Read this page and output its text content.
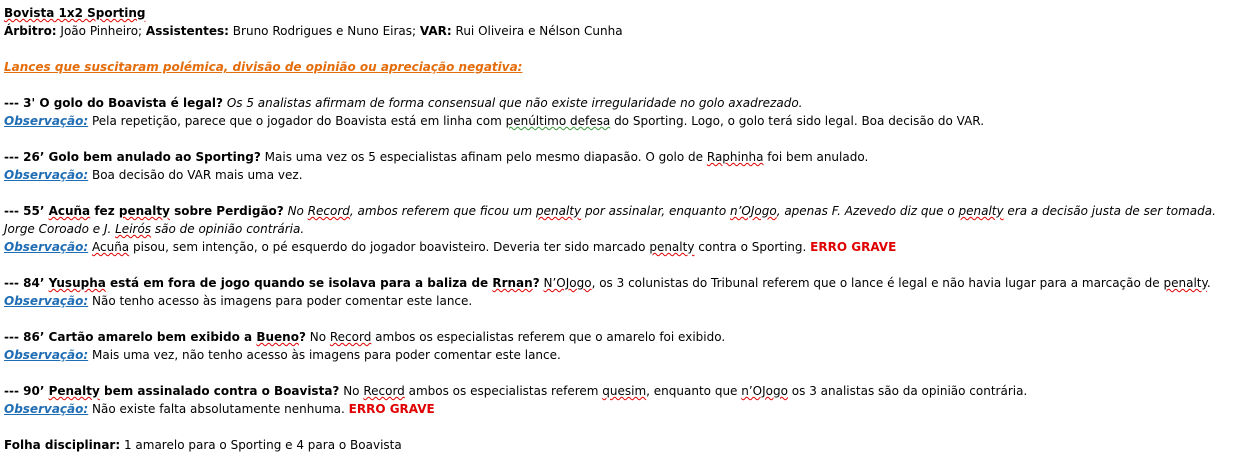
Bovista 1x2 Sporting
Árbitro: João Pinheiro; Assistentes: Bruno Rodrigues e Nuno Eiras; VAR: Rui Oliveira e Nélson Cunha
Lances que suscitaram polémica, divisão de opinião ou apreciação negativa:
--- 3' O golo do Boavista é legal? Os 5 analistas afirmam de forma consensual que não existe irregularidade no golo axadrezado.
Observação: Pela repetição, parece que o jogador do Boavista está em linha com penúltimo defesa do Sporting. Logo, o golo terá sido legal. Boa decisão do VAR.
--- 26’ Golo bem anulado ao Sporting? Mais uma vez os 5 especialistas afinam pelo mesmo diapasão. O golo de Raphinha foi bem anulado.
Observação: Boa decisão do VAR mais uma vez.
--- 55’ Acuña fez penalty sobre Perdigão? No Record, ambos referem que ficou um penalty por assinalar, enquanto n’OJogo, apenas F. Azevedo diz que o penalty era a decisão justa de ser tomada. Jorge Coroado e J. Leirós são de opinião contrária.
Observação: Acuña pisou, sem intenção, o pé esquerdo do jogador boavisteiro. Deveria ter sido marcado penalty contra o Sporting. ERRO GRAVE
--- 84’ Yusupha está em fora de jogo quando se isolava para a baliza de Rrnan? N’OJogo, os 3 colunistas do Tribunal referem que o lance é legal e não havia lugar para a marcação de penalty.
Observação: Não tenho acesso às imagens para poder comentar este lance.
--- 86’ Cartão amarelo bem exibido a Bueno? No Record ambos os especialistas referem que o amarelo foi exibido.
Observação: Mais uma vez, não tenho acesso às imagens para poder comentar este lance.
--- 90’ Penalty bem assinalado contra o Boavista? No Record ambos os especialistas referem quesim, enquanto que n’OJogo os 3 analistas são da opinião contrária.
Observação: Não existe falta absolutamente nenhuma. ERRO GRAVE
Folha disciplinar: 1 amarelo para o Sporting e 4 para o Boavista
